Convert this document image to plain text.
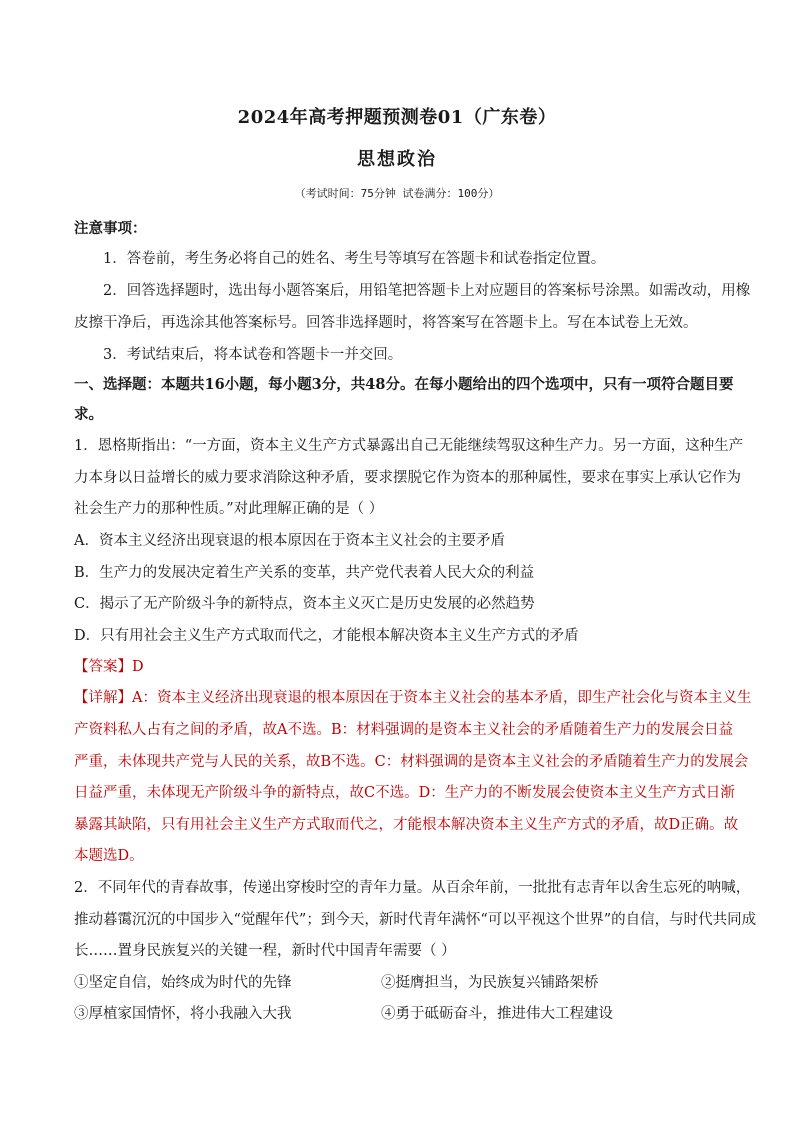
2024年高考押题预测卷01（广东卷）
思想政治
（考试时间：75分钟 试卷满分：100分）
注意事项：
1．答卷前，考生务必将自己的姓名、考生号等填写在答题卡和试卷指定位置。
2．回答选择题时，选出每小题答案后，用铅笔把答题卡上对应题目的答案标号涂黑。如需改动，用橡
皮擦干净后，再选涂其他答案标号。回答非选择题时，将答案写在答题卡上。写在本试卷上无效。
3．考试结束后，将本试卷和答题卡一并交回。
一、选择题：本题共16小题，每小题3分，共48分。在每小题给出的四个选项中，只有一项符合题目要
求。
1．恩格斯指出：“一方面，资本主义生产方式暴露出自己无能继续驾驭这种生产力。另一方面，这种生产
力本身以日益增长的威力要求消除这种矛盾，要求摆脱它作为资本的那种属性，要求在事实上承认它作为
社会生产力的那种性质。”对此理解正确的是（ ）
A．资本主义经济出现衰退的根本原因在于资本主义社会的主要矛盾
B．生产力的发展决定着生产关系的变革，共产党代表着人民大众的利益
C．揭示了无产阶级斗争的新特点，资本主义灭亡是历史发展的必然趋势
D．只有用社会主义生产方式取而代之，才能根本解决资本主义生产方式的矛盾
【答案】D
【详解】A：资本主义经济出现衰退的根本原因在于资本主义社会的基本矛盾，即生产社会化与资本主义生
产资料私人占有之间的矛盾，故A不选。B：材料强调的是资本主义社会的矛盾随着生产力的发展会日益
严重，未体现共产党与人民的关系，故B不选。C：材料强调的是资本主义社会的矛盾随着生产力的发展会
日益严重，未体现无产阶级斗争的新特点，故C不选。D：生产力的不断发展会使资本主义生产方式日渐
暴露其缺陷，只有用社会主义生产方式取而代之，才能根本解决资本主义生产方式的矛盾，故D正确。故
本题选D。
2．不同年代的青春故事，传递出穿梭时空的青年力量。从百余年前，一批批有志青年以舍生忘死的呐喊，
推动暮霭沉沉的中国步入“觉醒年代”；到今天，新时代青年满怀“可以平视这个世界”的自信，与时代共同成
长……置身民族复兴的关键一程，新时代中国青年需要（ ）
①坚定自信，始终成为时代的先锋	②挺膺担当，为民族复兴铺路架桥
③厚植家国情怀，将小我融入大我	④勇于砥砺奋斗，推进伟大工程建设
